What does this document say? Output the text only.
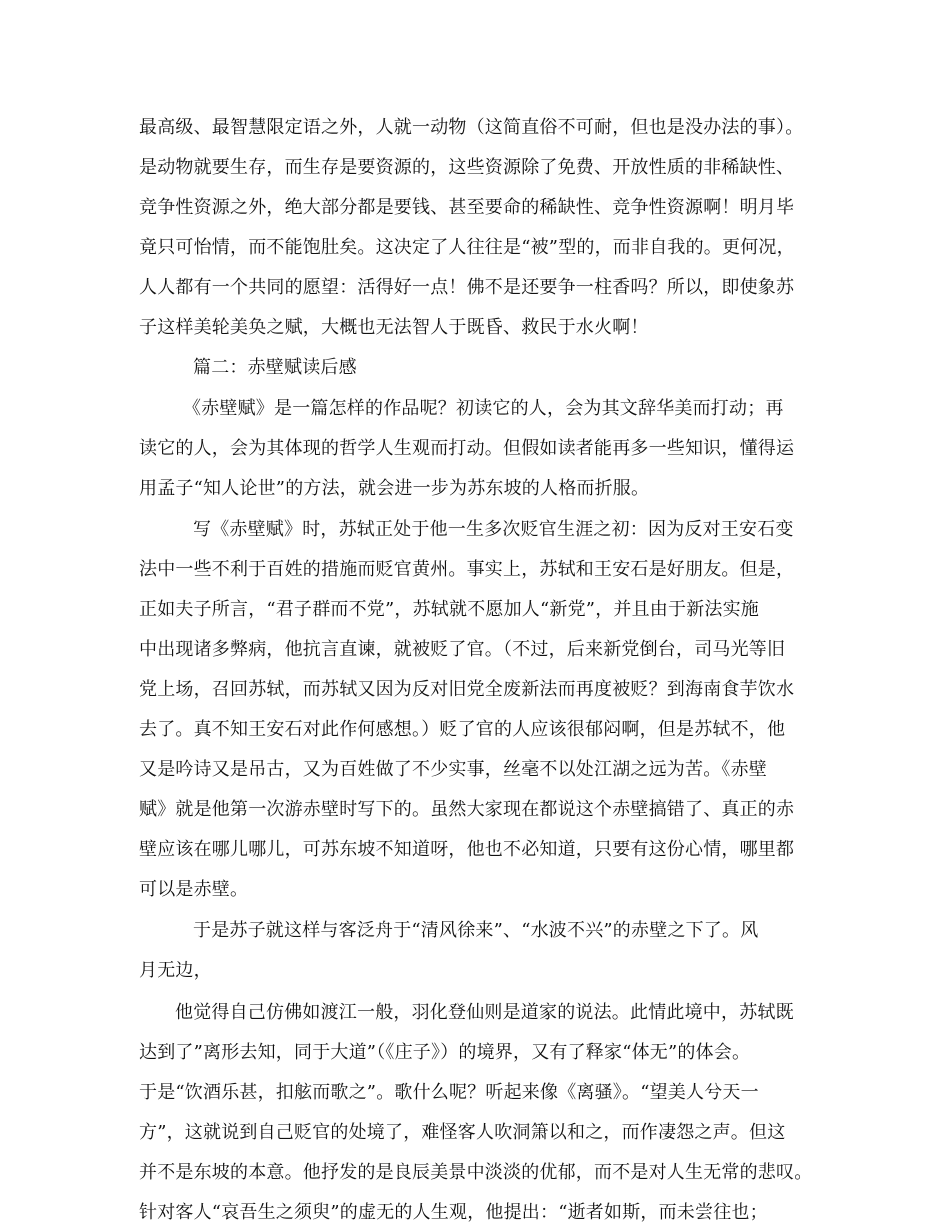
最高级、最智慧限定语之外，人就一动物（这简直俗不可耐，但也是没办法的事）。
是动物就要生存，而生存是要资源的，这些资源除了免费、开放性质的非稀缺性、
竞争性资源之外，绝大部分都是要钱、甚至要命的稀缺性、竞争性资源啊！明月毕
竟只可怡情，而不能饱肚矣。这决定了人往往是“被”型的，而非自我的。更何况，
人人都有一个共同的愿望：活得好一点！佛不是还要争一柱香吗？所以，即使象苏
子这样美轮美奂之赋，大概也无法智人于既昏、救民于水火啊！
篇二：赤壁赋读后感
《赤壁赋》是一篇怎样的作品呢？初读它的人，会为其文辞华美而打动；再
读它的人，会为其体现的哲学人生观而打动。但假如读者能再多一些知识，懂得运
用孟子“知人论世”的方法，就会进一步为苏东坡的人格而折服。
写《赤壁赋》时，苏轼正处于他一生多次贬官生涯之初：因为反对王安石变
法中一些不利于百姓的措施而贬官黄州。事实上，苏轼和王安石是好朋友。但是，
正如夫子所言，“君子群而不党”，苏轼就不愿加人“新党”，并且由于新法实施
中出现诸多弊病，他抗言直谏，就被贬了官。（不过，后来新党倒台，司马光等旧
党上场，召回苏轼，而苏轼又因为反对旧党全废新法而再度被贬？到海南食芋饮水
去了。真不知王安石对此作何感想。）贬了官的人应该很郁闷啊，但是苏轼不，他
又是吟诗又是吊古，又为百姓做了不少实事，丝毫不以处江湖之远为苦。《赤壁
赋》就是他第一次游赤壁时写下的。虽然大家现在都说这个赤壁搞错了、真正的赤
壁应该在哪儿哪儿，可苏东坡不知道呀，他也不必知道，只要有这份心情，哪里都
可以是赤壁。
于是苏子就这样与客泛舟于“清风徐来”、“水波不兴”的赤壁之下了。风
月无边，
他觉得自己仿佛如渡江一般，羽化登仙则是道家的说法。此情此境中，苏轼既
达到了”离形去知，同于大道”（《庄子》）的境界，又有了释家“体无”的体会。
于是“饮酒乐甚，扣舷而歌之”。歌什么呢？听起来像《离骚》。“望美人兮天一
方”，这就说到自己贬官的处境了，难怪客人吹洞箫以和之，而作凄怨之声。但这
并不是东坡的本意。他抒发的是良辰美景中淡淡的优郁，而不是对人生无常的悲叹。
针对客人“哀吾生之须臾”的虚无的人生观，他提出：“逝者如斯，而未尝往也；
